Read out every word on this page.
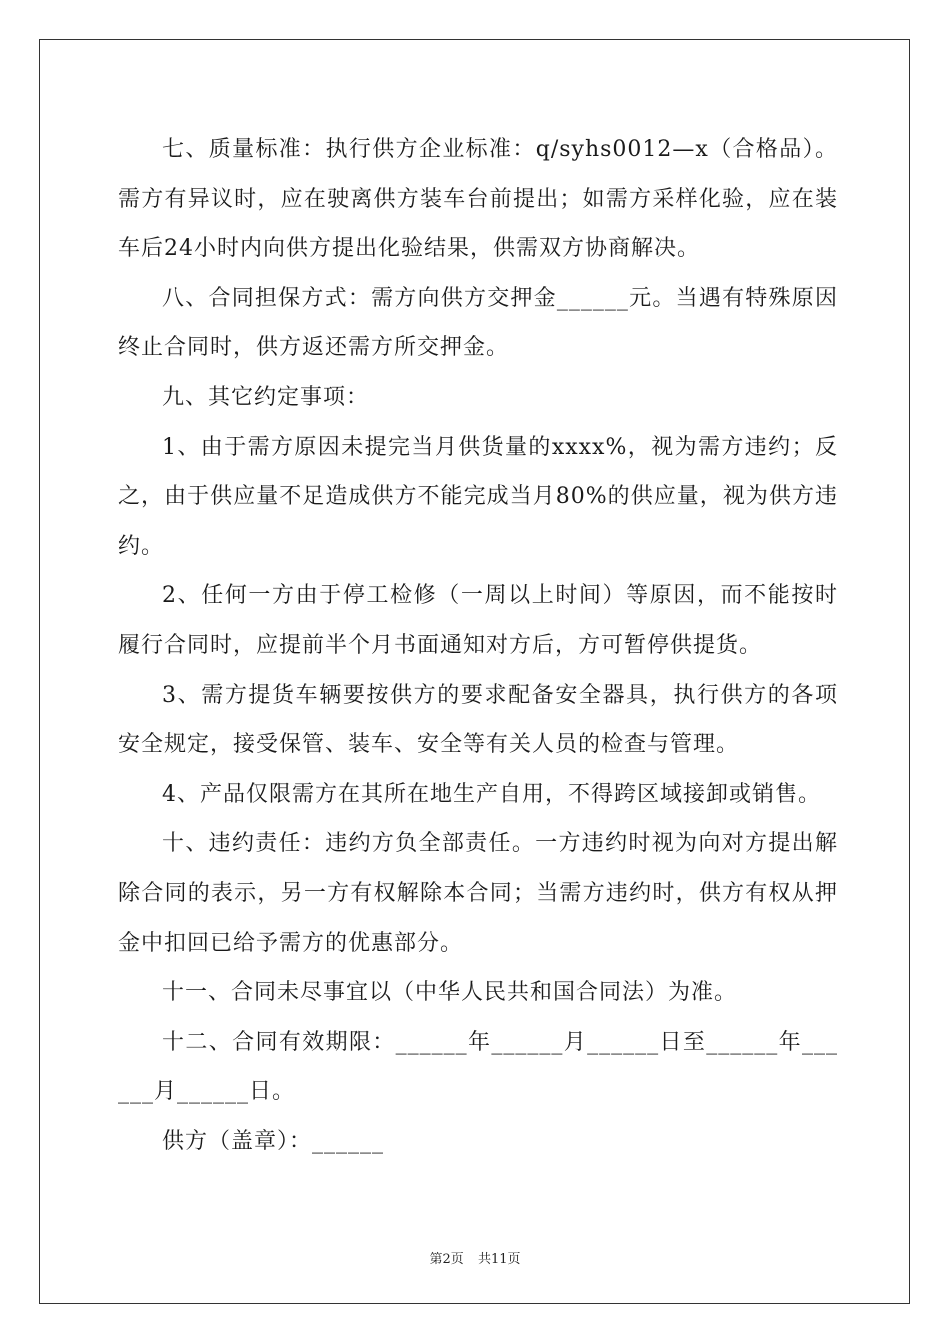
七、质量标准：执行供方企业标准：q/syhs0012—x（合格品）。需方有异议时，应在驶离供方装车台前提出；如需方采样化验，应在装车后24小时内向供方提出化验结果，供需双方协商解决。

八、合同担保方式：需方向供方交押金______元。当遇有特殊原因终止合同时，供方返还需方所交押金。

九、其它约定事项：

1、由于需方原因未提完当月供货量的xxxx%，视为需方违约；反之，由于供应量不足造成供方不能完成当月80%的供应量，视为供方违约。

2、任何一方由于停工检修（一周以上时间）等原因，而不能按时履行合同时，应提前半个月书面通知对方后，方可暂停供提货。

3、需方提货车辆要按供方的要求配备安全器具，执行供方的各项安全规定，接受保管、装车、安全等有关人员的检查与管理。

4、产品仅限需方在其所在地生产自用，不得跨区域接卸或销售。

十、违约责任：违约方负全部责任。一方违约时视为向对方提出解除合同的表示，另一方有权解除本合同；当需方违约时，供方有权从押金中扣回已给予需方的优惠部分。

十一、合同未尽事宜以（中华人民共和国合同法）为准。

十二、合同有效期限：______年______月______日至______年______月______日。

供方（盖章）：______

第2页 共11页
